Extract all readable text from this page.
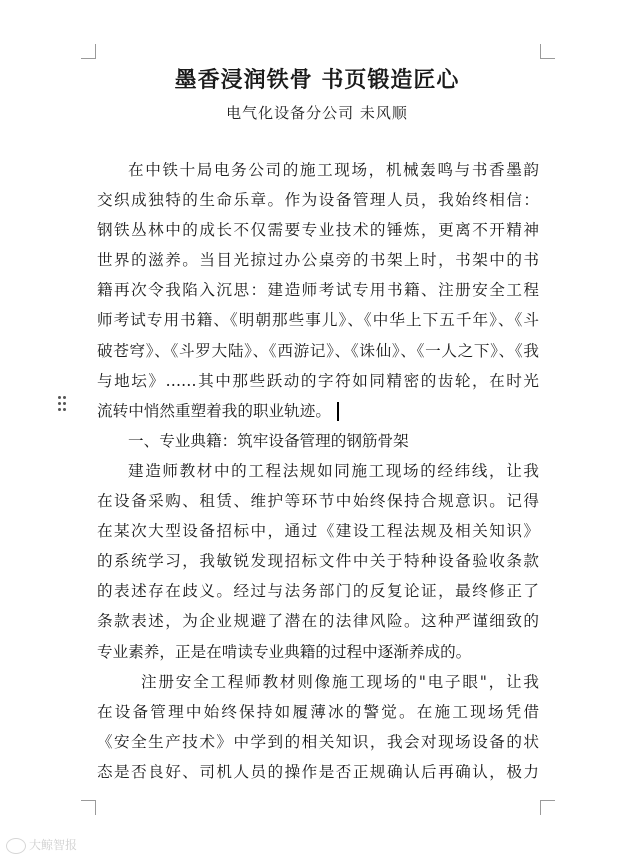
墨香浸润铁骨 书页锻造匠心
电气化设备分公司 未风顺
在中铁十局电务公司的施工现场，机械轰鸣与书香墨韵
交织成独特的生命乐章。作为设备管理人员，我始终相信：
钢铁丛林中的成长不仅需要专业技术的锤炼，更离不开精神
世界的滋养。当目光掠过办公桌旁的书架上时，书架中的书
籍再次令我陷入沉思：建造师考试专用书籍、注册安全工程
师考试专用书籍、《明朝那些事儿》、《中华上下五千年》、《斗
破苍穹》、《斗罗大陆》、《西游记》、《诛仙》、《一人之下》、《我
与地坛》……其中那些跃动的字符如同精密的齿轮，在时光
流转中悄然重塑着我的职业轨迹。
一、专业典籍：筑牢设备管理的钢筋骨架
建造师教材中的工程法规如同施工现场的经纬线，让我
在设备采购、租赁、维护等环节中始终保持合规意识。记得
在某次大型设备招标中，通过《建设工程法规及相关知识》
的系统学习，我敏锐发现招标文件中关于特种设备验收条款
的表述存在歧义。经过与法务部门的反复论证，最终修正了
条款表述，为企业规避了潜在的法律风险。这种严谨细致的
专业素养，正是在啃读专业典籍的过程中逐渐养成的。
注册安全工程师教材则像施工现场的"电子眼"，让我
在设备管理中始终保持如履薄冰的警觉。在施工现场凭借
《安全生产技术》中学到的相关知识，我会对现场设备的状
态是否良好、司机人员的操作是否正规确认后再确认，极力
大鲸智报
